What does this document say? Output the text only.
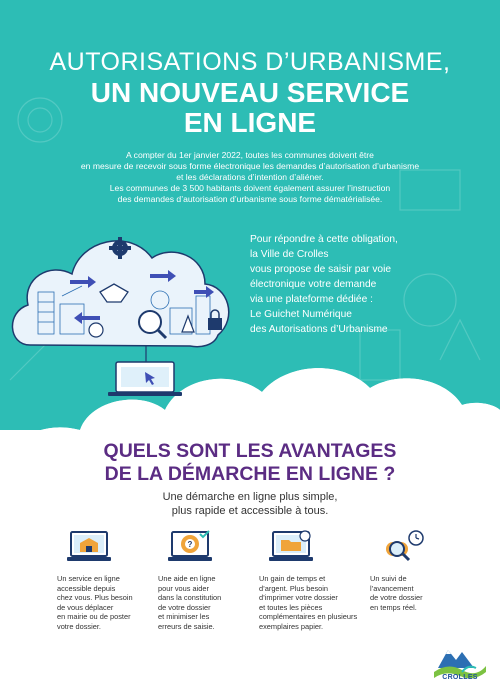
AUTORISATIONS D’URBANISME,
UN NOUVEAU SERVICE
EN LIGNE

A compter du 1er janvier 2022, toutes les communes doivent être

en mesure de recevoir sous forme électronique les demandes d’autorisation d’urbanisme

et les déclarations d’intention d’aliéner.

Les communes de 3 500 habitants doivent également assurer l’instruction

des demandes d’autorisation d’urbanisme sous forme dématérialisée.

Pour répondre à cette obligation,
la Ville de Crolles
vous propose de saisir par voie
électronique votre demande
via une plateforme dédiée :
Le Guichet Numérique
des Autorisations d’Urbanisme
QUELS SONT LES AVANTAGES
DE LA DÉMARCHE EN LIGNE ?
Une démarche en ligne plus simple,
plus rapide et accessible à tous.
Un service en ligne
accessible depuis
chez vous. Plus besoin
de vous déplacer
en mairie ou de poster
votre dossier.
?
Une aide en ligne
pour vous aider
dans la constitution
de votre dossier
et minimiser les
erreurs de saisie.
Un gain de temps et
d’argent. Plus besoin
d’imprimer votre dossier
et toutes les pièces
complémentaires en plusieurs
exemplaires papier.
Un suivi de
l’avancement
de votre dossier
en temps réel.
CROLLES
